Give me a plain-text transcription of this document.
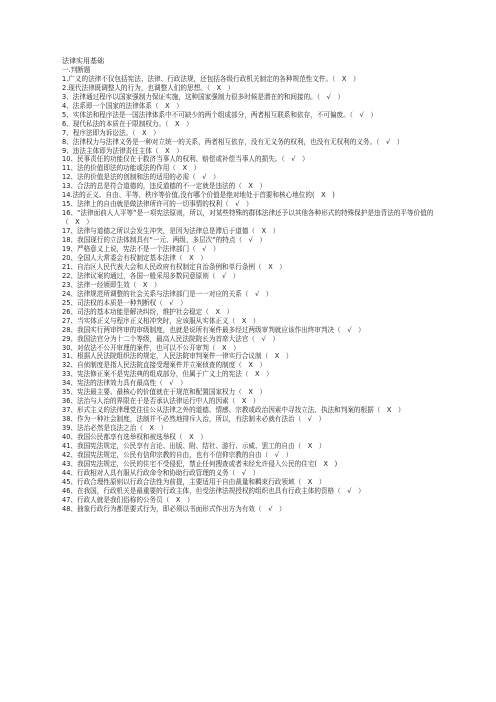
法律实用基础

一.判断题

1.广义的法律不仅包括宪法、法律、行政法规，还包括各级行政机关制定的各种规范性文件。（　X　）

2.现代法律既调整人的行为，也调整人们的思想。（　X　）

3、法律通过程序以国家强制力保证实施，这种国家强制力很多时候是潜在的和间接的。（　√　）

4、法系即一个国家的法律体系（　X　）

5、实体法和程序法是一国法律体系中不可缺少的两个组成部分，两者相互联系和依存，不可偏废。（　√　）

6、现代私法的本质在于限制权力。（　X　）

7、程序法即为诉讼法。（　X　）

8、法律权力与法律义务是一种对立统一的关系，两者相互依存，没有无义务的权利，也没有无权利的义务。（　√　）

9、违法主体即为法律责任主体（　X　）

10、民事责任的功能仅在于救济当事人的权利、赔偿或补偿当事人的损失。（　√　）

11、法的价值即法的功能或法的作用（　X　）

12、法的价值是法的创制和法的适用的必需（　√　）

13、合法的总是符合道德的，违反道德的不一定就是违法的（　X　）

14.法的正义、自由、平等、秩序等价值,没有哪个价值是绝对地处于首要和核心地位的(　X　)

15、法律上的自由就是做法律所许可的一切事情的权利（　√　）

16、“法律面前人人平等”是一项宪法原则，所以，对某些特殊的群体法律还予以其他各种形式的特殊保护是违背法的平等价值的（　X　）

17、法律与道德之所以会发生冲突，是因为法律总是滞后于道德（　X　）

18、我国现行的立法体制具有“一元、两级、多层次”的特点（　√　）

19、严格意义上说，宪法不是一个法律部门（　√　）

20、全国人大常委会有权制定基本法律（　X　）

21、自治区人民代表大会和人民政府有权制定自治条例和单行条例（　X　）

22、法律议案的通过，各国一般采用多数同意原则（　√　）

23、法律一经颁即生效（　X　）

24、法律规范所调整的社会关系与法律部门是一一对应的关系（　√　）

25、司法权的本质是一种判断权（　√　）

26、司法的基本功能是解决纠纷，维护社会稳定（　X　）

27、当实体正义与程序正义相冲突时，应该服从实体正义（　X　）

28、我国实行两审终审的审级制度，也就是说所有案件最多经过两级审判就应该作出终审判决（　√　）

29、我国法官分为十二个等级，最高人民法院院长为首席大法官（　√　）

30、对依法不公开审理的案件，也可以不公开审判（　X　）

31、根据人民法院组织法的规定，人民法院审判案件一律实行合议制（　X　）

32、自侦制度是指人民法院直接受理案件并立案侦查的制度（　X　）

33、宪法修正案不是宪法典的组成部分，但属于广义上的宪法（　X　）

34、宪法的法律效力具有最高性（　√　）

35、宪法最主要、最核心的价值就在于规范和配置国家权力（　X　）

36、法治与人治的界限在于是否承认法律运行中人的因素（　X　）

37、形式主义的法律理党往往公从法律之外的道德、情感、宗教或政治因素中寻找立法、执法和判案的根据（　X　）

38、作为一种社会制度，法制并不必然地排斥人治，所以，有法制未必就有法治（　√　）

39、法治必然是良法之治（　X　）

40、我国公民都享有选举权和被选举权（　X　）

41、我国宪法规定，公民享有言论、出版、附、结社、游行、示威、罢工的自由（　X　）

42、我国宪法规定，公民有信仰宗教的自由，也有不信仰宗教的自由（　√　）

43、我国宪法规定，公民的住宅不受侵犯，禁止任何搜查或者未经允许侵入公民的住宅(　X　)

44、行政相对人具有服从行政命令和协助行政管理的义务（　√　）

45、行政合理性原则以行政合法性为前提，主要适用于自由裁量和羁束行政领域（　X　）

46、在我国，行政机关是最重要的行政主体，但受法律法规授权的组织也具有行政主体的资格（　√　）

47、行政人就是我们俗称的公务员（　X　）

48、抽象行政行为都是要式行为，即必须以书面形式作出方为有效（　√　）
